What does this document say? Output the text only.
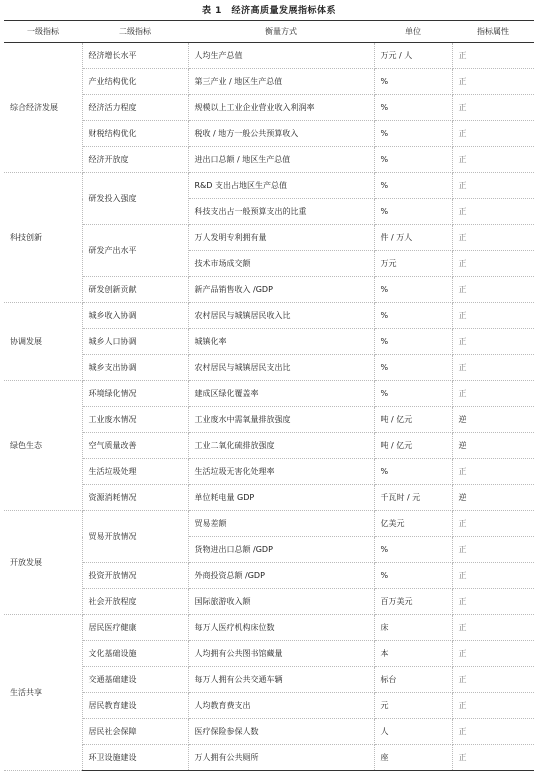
表 1　经济高质量发展指标体系
一级指标	二级指标	衡量方式	单位	指标属性
综合经济发展	经济增长水平	人均生产总值	万元 / 人	正
	产业结构优化	第三产业 / 地区生产总值	%	正
	经济活力程度	规模以上工业企业营业收入利润率	%	正
	财税结构优化	税收 / 地方一般公共预算收入	%	正
	经济开放度	进出口总额 / 地区生产总值	%	正
科技创新	研发投入强度	R&D 支出占地区生产总值	%	正
		科技支出占一般预算支出的比重	%	正
	研发产出水平	万人发明专利拥有量	件 / 万人	正
		技术市场成交额	万元	正
	研发创新贡献	新产品销售收入 /GDP	%	正
协调发展	城乡收入协调	农村居民与城镇居民收入比	%	正
	城乡人口协调	城镇化率	%	正
	城乡支出协调	农村居民与城镇居民支出比	%	正
绿色生态	环境绿化情况	建成区绿化覆盖率	%	正
	工业废水情况	工业废水中需氧量排放强度	吨 / 亿元	逆
	空气质量改善	工业二氧化硫排放强度	吨 / 亿元	逆
	生活垃圾处理	生活垃圾无害化处理率	%	正
	资源消耗情况	单位耗电量 GDP	千瓦时 / 元	逆
开放发展	贸易开放情况	贸易差额	亿美元	正
		货物进出口总额 /GDP	%	正
	投资开放情况	外商投资总额 /GDP	%	正
	社会开放程度	国际旅游收入额	百万美元	正
生活共享	居民医疗健康	每万人医疗机构床位数	床	正
	文化基础设施	人均拥有公共图书馆藏量	本	正
	交通基础建设	每万人拥有公共交通车辆	标台	正
	居民教育建设	人均教育费支出	元	正
	居民社会保障	医疗保险参保人数	人	正
	环卫设施建设	万人拥有公共厕所	座	正
